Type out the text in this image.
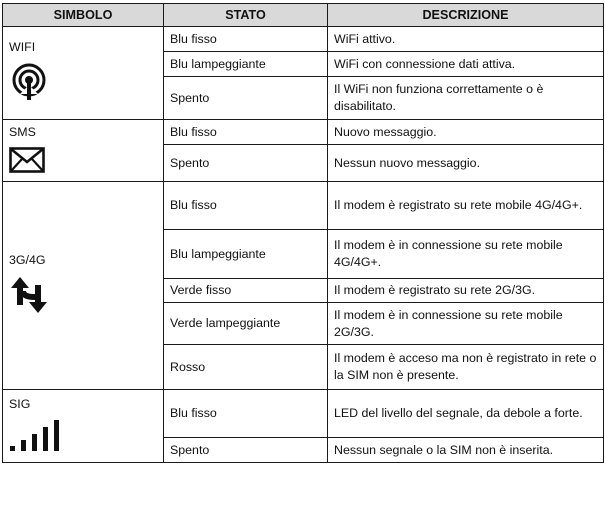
SIMBOLO	STATO	DESCRIZIONE

WIFI	Blu fisso	WiFi attivo.
	Blu lampeggiante	WiFi con connessione dati attiva.
	Spento	Il WiFi non funziona correttamente o è disabilitato.

SMS	Blu fisso	Nuovo messaggio.
	Spento	Nessun nuovo messaggio.

3G/4G	Blu fisso	Il modem è registrato su rete mobile 4G/4G+.
	Blu lampeggiante	Il modem è in connessione su rete mobile 4G/4G+.
	Verde fisso	Il modem è registrato su rete 2G/3G.
	Verde lampeggiante	Il modem è in connessione su rete mobile 2G/3G.
	Rosso	Il modem è acceso ma non è registrato in rete o la SIM non è presente.

SIG	Blu fisso	LED del livello del segnale, da debole a forte.
	Spento	Nessun segnale o la SIM non è inserita.
